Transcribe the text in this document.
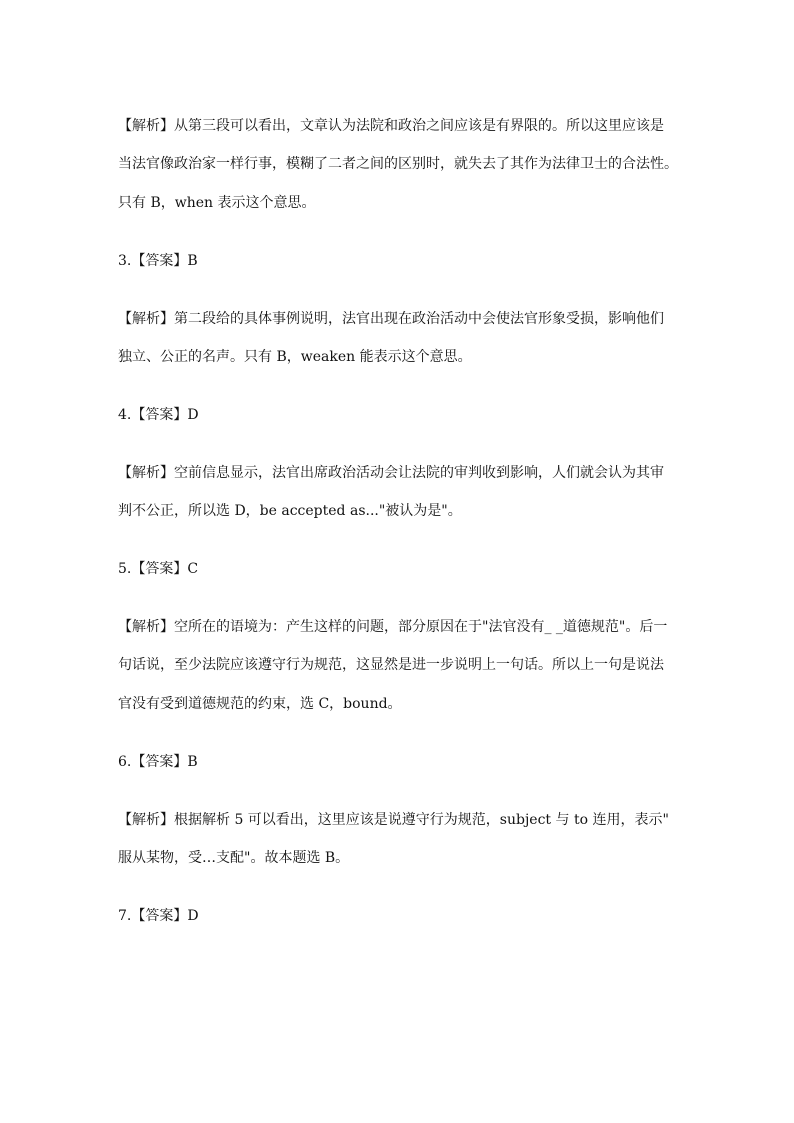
【解析】从第三段可以看出，文章认为法院和政治之间应该是有界限的。所以这里应该是
当法官像政治家一样行事，模糊了二者之间的区别时，就失去了其作为法律卫士的合法性。
只有 B，when 表示这个意思。
3.【答案】B
【解析】第二段给的具体事例说明，法官出现在政治活动中会使法官形象受损，影响他们
独立、公正的名声。只有 B，weaken 能表示这个意思。
4.【答案】D
【解析】空前信息显示，法官出席政治活动会让法院的审判收到影响，人们就会认为其审
判不公正，所以选 D，be accepted as..."被认为是"。
5.【答案】C
【解析】空所在的语境为：产生这样的问题，部分原因在于"法官没有_ _道德规范"。后一
句话说，至少法院应该遵守行为规范，这显然是进一步说明上一句话。所以上一句是说法
官没有受到道德规范的约束，选 C，bound。
6.【答案】B
【解析】根据解析 5 可以看出，这里应该是说遵守行为规范，subject 与 to 连用，表示"
服从某物，受…支配"。故本题选 B。
7.【答案】D
